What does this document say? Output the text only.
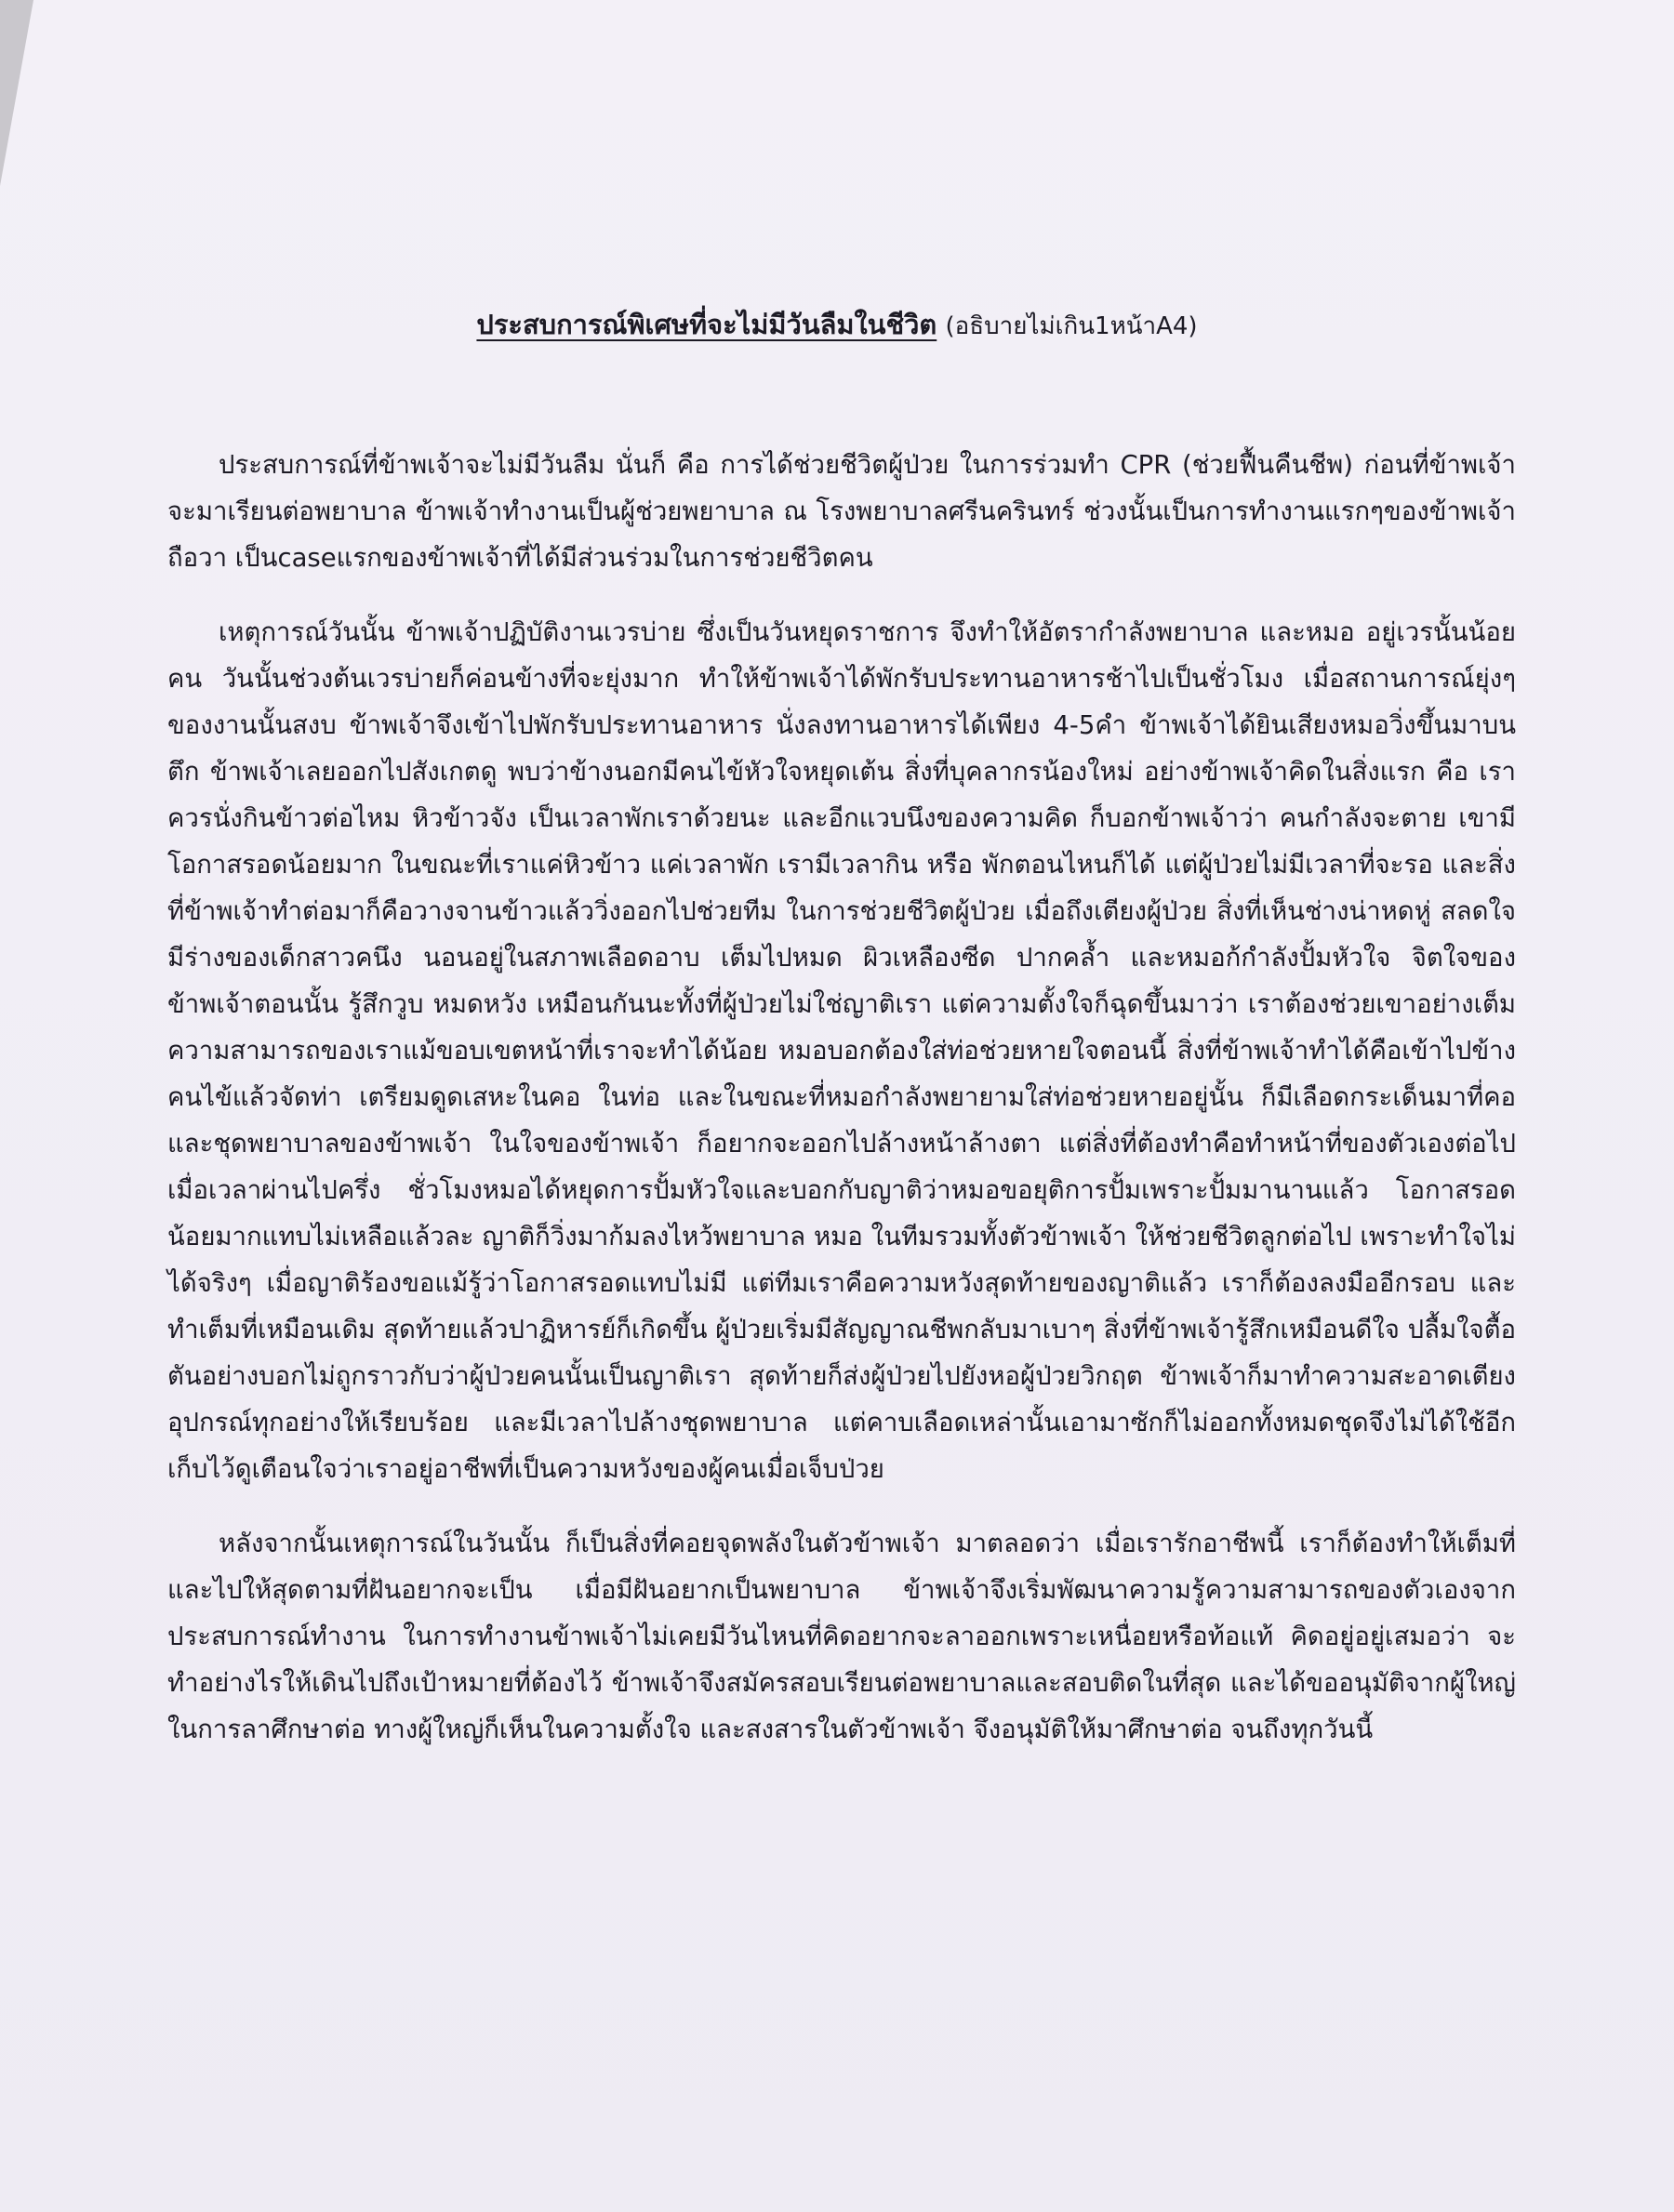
ประสบการณ์พิเศษที่จะไม่มีวันลืมในชีวิต (อธิบายไม่เกิน1หน้าA4)

ประสบการณ์ที่ข้าพเจ้าจะไม่มีวันลืม นั่นก็ คือ การได้ช่วยชีวิตผู้ป่วย ในการร่วมทำ CPR (ช่วยฟื้นคืนชีพ) ก่อนที่ข้าพเจ้าจะมาเรียนต่อพยาบาล ข้าพเจ้าทำงานเป็นผู้ช่วยพยาบาล ณ โรงพยาบาลศรีนครินทร์ ช่วงนั้นเป็นการทำงานแรกๆของข้าพเจ้า ถือวา เป็นcaseแรกของข้าพเจ้าที่ได้มีส่วนร่วมในการช่วยชีวิตคน

เหตุการณ์วันนั้น ข้าพเจ้าปฏิบัติงานเวรบ่าย ซึ่งเป็นวันหยุดราชการ จึงทำให้อัตรากำลังพยาบาล และหมอ อยู่เวรนั้นน้อยคน วันนั้นช่วงต้นเวรบ่ายก็ค่อนข้างที่จะยุ่งมาก ทำให้ข้าพเจ้าได้พักรับประทานอาหารช้าไปเป็นชั่วโมง เมื่อสถานการณ์ยุ่งๆของงานนั้นสงบ ข้าพเจ้าจึงเข้าไปพักรับประทานอาหาร นั่งลงทานอาหารได้เพียง 4-5คำ ข้าพเจ้าได้ยินเสียงหมอวิ่งขึ้นมาบนตึก ข้าพเจ้าเลยออกไปสังเกตดู พบว่าข้างนอกมีคนไข้หัวใจหยุดเต้น สิ่งที่บุคลากรน้องใหม่ อย่างข้าพเจ้าคิดในสิ่งแรก คือ เราควรนั่งกินข้าวต่อไหม หิวข้าวจัง เป็นเวลาพักเราด้วยนะ และอีกแวบนึงของความคิด ก็บอกข้าพเจ้าว่า คนกำลังจะตาย เขามีโอกาสรอดน้อยมาก ในขณะที่เราแค่หิวข้าว แค่เวลาพัก เรามีเวลากิน หรือ พักตอนไหนก็ได้ แต่ผู้ป่วยไม่มีเวลาที่จะรอ และสิ่งที่ข้าพเจ้าทำต่อมาก็คือวางจานข้าวแล้ววิ่งออกไปช่วยทีม ในการช่วยชีวิตผู้ป่วย เมื่อถึงเตียงผู้ป่วย สิ่งที่เห็นช่างน่าหดหู่ สลดใจ มีร่างของเด็กสาวคนึง นอนอยู่ในสภาพเลือดอาบ เต็มไปหมด ผิวเหลืองซีด ปากคล้ำ และหมอก้กำลังปั้มหัวใจ จิตใจของข้าพเจ้าตอนนั้น รู้สึกวูบ หมดหวัง เหมือนกันนะทั้งที่ผู้ป่วยไม่ใช่ญาติเรา แต่ความตั้งใจก็ฉุดขึ้นมาว่า เราต้องช่วยเขาอย่างเต็มความสามารถของเราแม้ขอบเขตหน้าที่เราจะทำได้น้อย หมอบอกต้องใส่ท่อช่วยหายใจตอนนี้ สิ่งที่ข้าพเจ้าทำได้คือเข้าไปข้างคนไข้แล้วจัดท่า เตรียมดูดเสหะในคอ ในท่อ และในขณะที่หมอกำลังพยายามใส่ท่อช่วยหายอยู่นั้น ก็มีเลือดกระเด็นมาที่คอและชุดพยาบาลของข้าพเจ้า ในใจของข้าพเจ้า ก็อยากจะออกไปล้างหน้าล้างตา แต่สิ่งที่ต้องทำคือทำหน้าที่ของตัวเองต่อไป เมื่อเวลาผ่านไปครึ่ง ชั่วโมงหมอได้หยุดการปั้มหัวใจและบอกกับญาติว่าหมอขอยุติการปั้มเพราะปั้มมานานแล้ว โอกาสรอดน้อยมากแทบไม่เหลือแล้วละ ญาติก็วิ่งมาก้มลงไหว้พยาบาล หมอ ในทีมรวมทั้งตัวข้าพเจ้า ให้ช่วยชีวิตลูกต่อไป เพราะทำใจไม่ได้จริงๆ เมื่อญาติร้องขอแม้รู้ว่าโอกาสรอดแทบไม่มี แต่ทีมเราคือความหวังสุดท้ายของญาติแล้ว เราก็ต้องลงมืออีกรอบ และทำเต็มที่เหมือนเดิม สุดท้ายแล้วปาฏิหารย์ก็เกิดขึ้น ผู้ป่วยเริ่มมีสัญญาณชีพกลับมาเบาๆ สิ่งที่ข้าพเจ้ารู้สึกเหมือนดีใจ ปลื้มใจตื้อตันอย่างบอกไม่ถูกราวกับว่าผู้ป่วยคนนั้นเป็นญาติเรา สุดท้ายก็ส่งผู้ป่วยไปยังหอผู้ป่วยวิกฤต ข้าพเจ้าก็มาทำความสะอาดเตียง อุปกรณ์ทุกอย่างให้เรียบร้อย และมีเวลาไปล้างชุดพยาบาล แต่คาบเลือดเหล่านั้นเอามาซักก็ไม่ออกทั้งหมดชุดจึงไม่ได้ใช้อีก เก็บไว้ดูเตือนใจว่าเราอยู่อาชีพที่เป็นความหวังของผู้คนเมื่อเจ็บป่วย

หลังจากนั้นเหตุการณ์ในวันนั้น ก็เป็นสิ่งที่คอยจุดพลังในตัวข้าพเจ้า มาตลอดว่า เมื่อเรารักอาชีพนี้ เราก็ต้องทำให้เต็มที่และไปให้สุดตามที่ฝันอยากจะเป็น เมื่อมีฝันอยากเป็นพยาบาล ข้าพเจ้าจึงเริ่มพัฒนาความรู้ความสามารถของตัวเองจากประสบการณ์ทำงาน ในการทำงานข้าพเจ้าไม่เคยมีวันไหนที่คิดอยากจะลาออกเพราะเหนื่อยหรือท้อแท้ คิดอยู่อยู่เสมอว่า จะทำอย่างไรให้เดินไปถึงเป้าหมายที่ต้องไว้ ข้าพเจ้าจึงสมัครสอบเรียนต่อพยาบาลและสอบติดในที่สุด และได้ขออนุมัติจากผู้ใหญ่ในการลาศึกษาต่อ ทางผู้ใหญ่ก็เห็นในความตั้งใจ และสงสารในตัวข้าพเจ้า จึงอนุมัติให้มาศึกษาต่อ จนถึงทุกวันนี้
